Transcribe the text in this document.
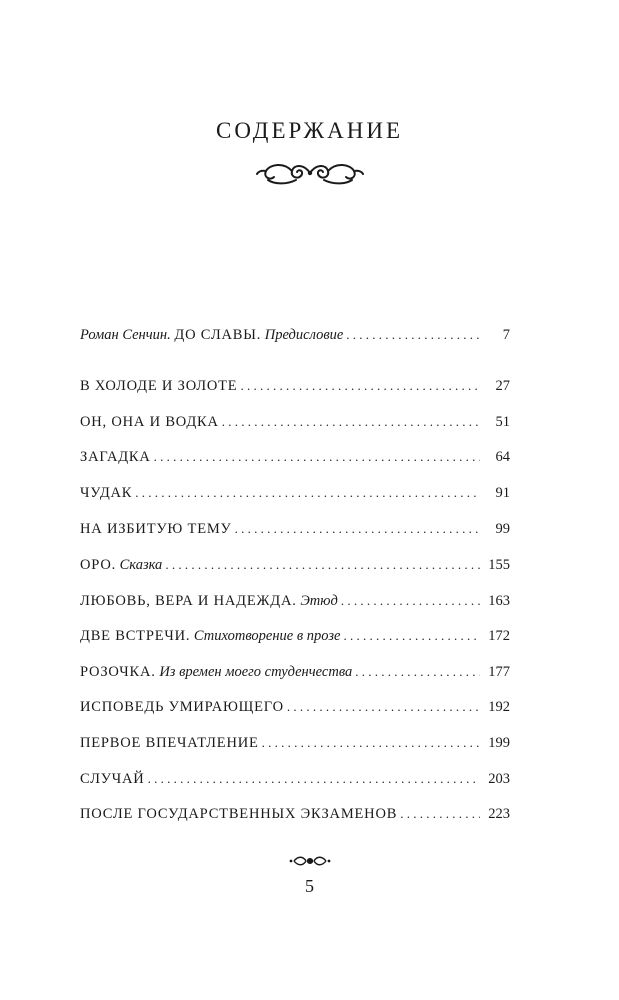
СОДЕРЖАНИЕ
Роман Сенчин. ДО СЛАВЫ. Предисловие . . .	7
В ХОЛОДЕ И ЗОЛОТЕ . . .	27
ОН, ОНА И ВОДКА . . .	51
ЗАГАДКА . . .	64
ЧУДАК . . .	91
НА ИЗБИТУЮ ТЕМУ . . .	99
ОРО. Сказка . . .	155
ЛЮБОВЬ, ВЕРА И НАДЕЖДА. Этюд . . .	163
ДВЕ ВСТРЕЧИ. Стихотворение в прозе . . .	172
РОЗОЧКА. Из времен моего студенчества . . .	177
ИСПОВЕДЬ УМИРАЮЩЕГО . . .	192
ПЕРВОЕ ВПЕЧАТЛЕНИЕ . . .	199
СЛУЧАЙ . . .	203
ПОСЛЕ ГОСУДАРСТВЕННЫХ ЭКЗАМЕНОВ . . .	223

5
